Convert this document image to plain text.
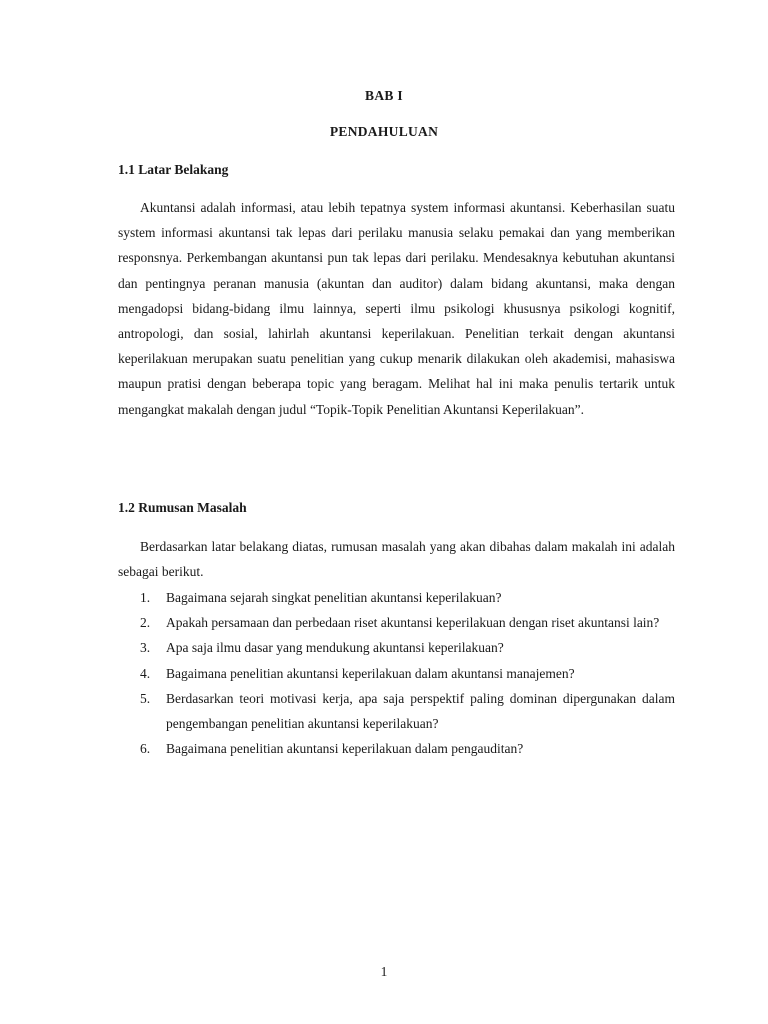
BAB I
PENDAHULUAN
1.1 Latar Belakang

Akuntansi adalah informasi, atau lebih tepatnya system informasi akuntansi. Keberhasilan suatu system informasi akuntansi tak lepas dari perilaku manusia selaku pemakai dan yang memberikan responsnya. Perkembangan akuntansi pun tak lepas dari perilaku. Mendesaknya kebutuhan akuntansi dan pentingnya peranan manusia (akuntan dan auditor) dalam bidang akuntansi, maka dengan mengadopsi bidang-bidang ilmu lainnya, seperti ilmu psikologi khususnya psikologi kognitif, antropologi, dan sosial, lahirlah akuntansi keperilakuan. Penelitian terkait dengan akuntansi keperilakuan merupakan suatu penelitian yang cukup menarik dilakukan oleh akademisi, mahasiswa maupun pratisi dengan beberapa topic yang beragam. Melihat hal ini maka penulis tertarik untuk mengangkat makalah dengan judul “Topik-Topik Penelitian Akuntansi Keperilakuan”.

1.2 Rumusan Masalah

Berdasarkan latar belakang diatas, rumusan masalah yang akan dibahas dalam makalah ini adalah sebagai berikut.

1. Bagaimana sejarah singkat penelitian akuntansi keperilakuan?
2. Apakah persamaan dan perbedaan riset akuntansi keperilakuan dengan riset akuntansi lain?
3. Apa saja ilmu dasar yang mendukung akuntansi keperilakuan?
4. Bagaimana penelitian akuntansi keperilakuan dalam akuntansi manajemen?
5. Berdasarkan teori motivasi kerja, apa saja perspektif paling dominan dipergunakan dalam pengembangan penelitian akuntansi keperilakuan?
6. Bagaimana penelitian akuntansi keperilakuan dalam pengauditan?
1
